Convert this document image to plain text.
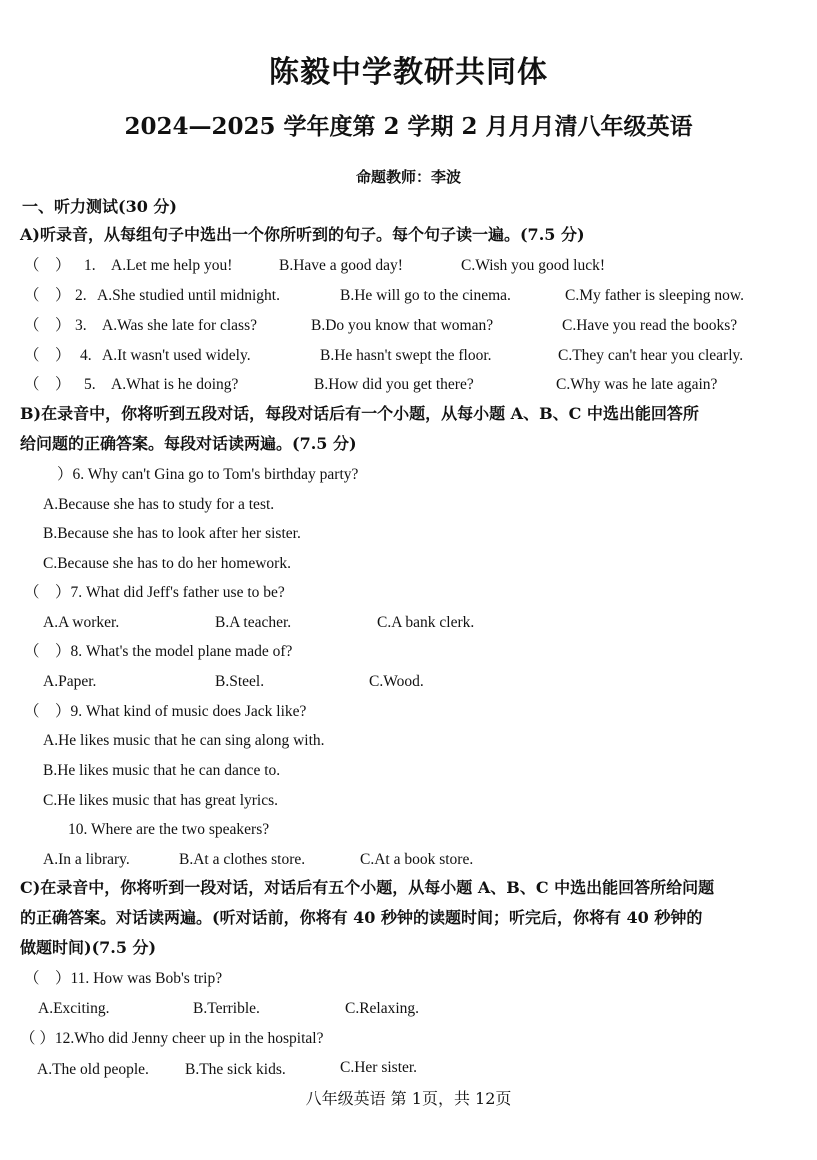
陈毅中学教研共同体
2024—2025 学年度第 2 学期 2 月月月清八年级英语
命题教师：李波
一、听力测试(30 分)
A)听录音，从每组句子中选出一个你所听到的句子。每个句子读一遍。(7.5 分)
（　） 1. A.Let me help you!	B.Have a good day!	C.Wish you good luck!
（　） 2. A.She studied until midnight.	B.He will go to the cinema.	C.My father is sleeping now.
（　） 3. A.Was she late for class?	B.Do you know that woman?	C.Have you read the books?
（　） 4. A.It wasn't used widely.	B.He hasn't swept the floor.	C.They can't hear you clearly.
（　） 5. A.What is he doing?	B.How did you get there?	C.Why was he late again?
B)在录音中，你将听到五段对话，每段对话后有一个小题，从每小题 A、B、C 中选出能回答所
给问题的正确答案。每段对话读两遍。(7.5 分)
）6. Why can't Gina go to Tom's birthday party?
A.Because she has to study for a test.
B.Because she has to look after her sister.
C.Because she has to do her homework.
（　）7. What did Jeff's father use to be?
A.A worker.	B.A teacher.	C.A bank clerk.
（　）8. What's the model plane made of?
A.Paper.	B.Steel.	C.Wood.
（　）9. What kind of music does Jack like?
A.He likes music that he can sing along with.
B.He likes music that he can dance to.
C.He likes music that has great lyrics.
10. Where are the two speakers?
A.In a library.	B.At a clothes store.	C.At a book store.
C)在录音中，你将听到一段对话，对话后有五个小题，从每小题 A、B、C 中选出能回答所给问题
的正确答案。对话读两遍。(听对话前，你将有 40 秒钟的读题时间；听完后，你将有 40 秒钟的
做题时间)(7.5 分)
（　）11. How was Bob's trip?
A.Exciting.	B.Terrible.	C.Relaxing.
（ ）12.Who did Jenny cheer up in the hospital?
A.The old people. B.The sick kids.	C.Her sister.
八年级英语 第 1页，共 12页
